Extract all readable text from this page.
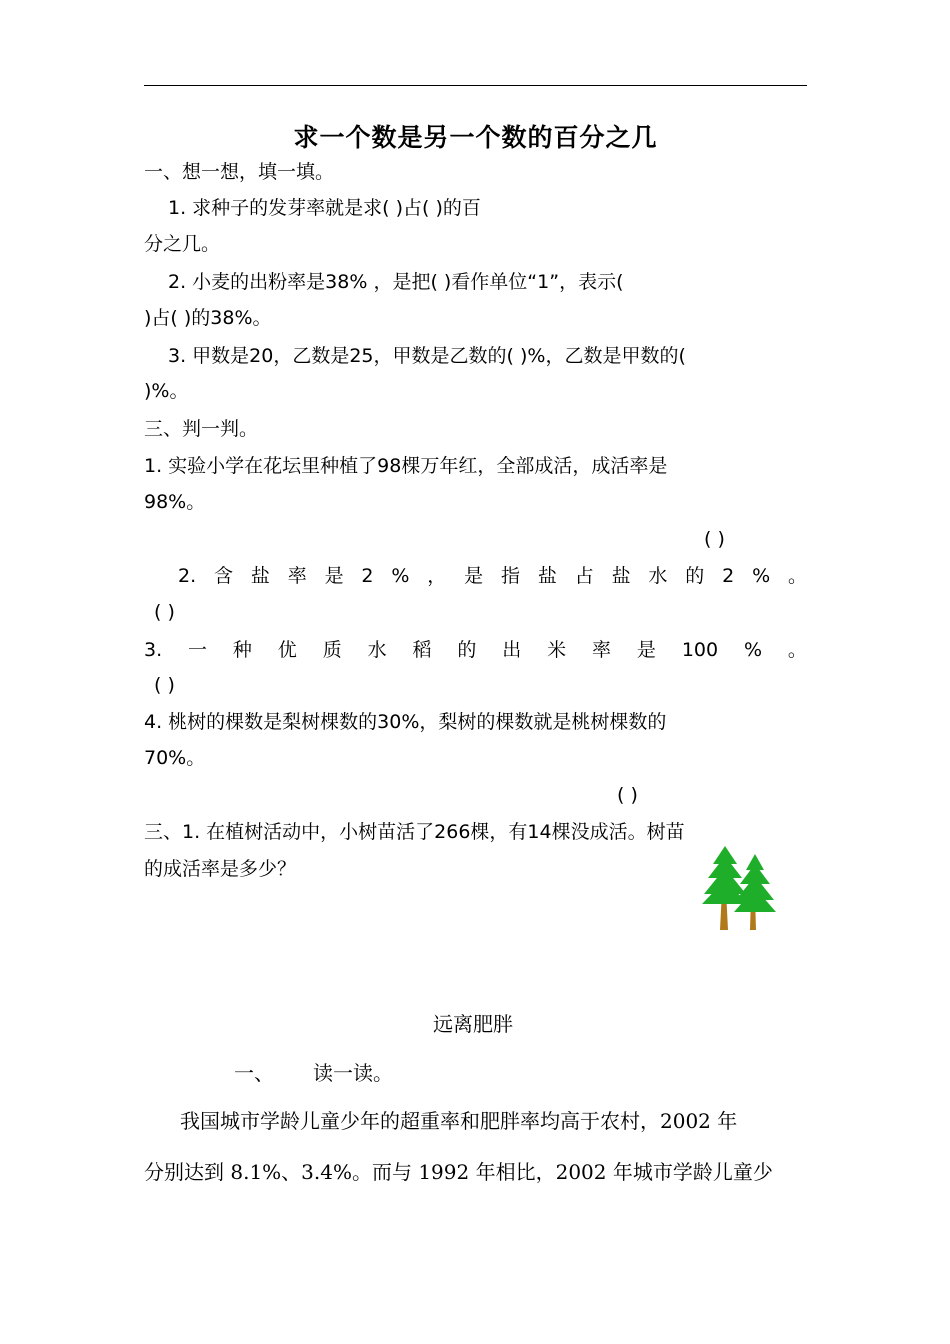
求一个数是另一个数的百分之几
一、想一想，填一填。
1. 求种子的发芽率就是求( )占( )的百
分之几。
2. 小麦的出粉率是38% ，是把( )看作单位“1”，表示(
)占( )的38%。
3. 甲数是20，乙数是25，甲数是乙数的( )%，乙数是甲数的(
)%。
三、判一判。
1. 实验小学在花坛里种植了98棵万年红，全部成活，成活率是
98%。
( )
2. 含 盐 率 是 2 % ， 是 指 盐 占 盐 水 的 2 % 。
( )
3. 一 种 优 质 水 稻 的 出 米 率 是 100 % 。
( )
4. 桃树的棵数是梨树棵数的30%，梨树的棵数就是桃树棵数的
70%。
( )
三、1. 在植树活动中，小树苗活了266棵，有14棵没成活。树苗
的成活率是多少？
远离肥胖
一、 读一读。
我国城市学龄儿童少年的超重率和肥胖率均高于农村，2002 年
分别达到 8.1%、3.4%。而与 1992 年相比，2002 年城市学龄儿童少
